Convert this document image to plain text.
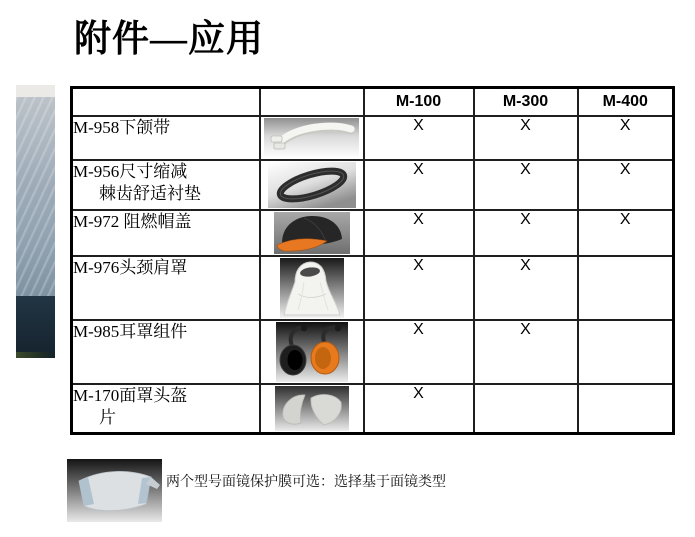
附件—应用
		M-100	M-300	M-400

M-958下颌带		X	X	X

M-956尺寸缩减
棘齿舒适衬垫		X	X	X

M-972 阻燃帽盖		X	X	X

M-976头颈肩罩		X	X	

M-985耳罩组件		X	X	

M-170面罩头盔
片		X		
两个型号面镜保护膜可选：选择基于面镜类型
